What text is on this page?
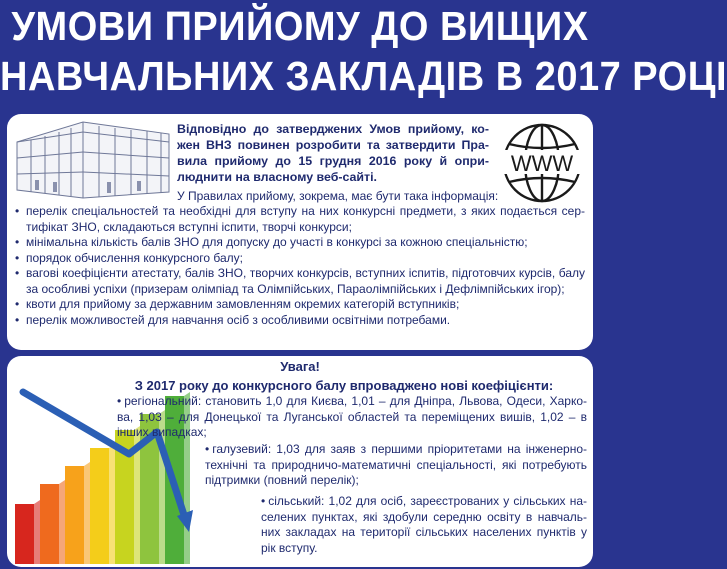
УМОВИ ПРИЙОМУ ДО ВИЩИХ
НАВЧАЛЬНИХ ЗАКЛАДІВ В 2017 РОЦІ
Відповідно до затверджених Умов прийому, ко-жен ВНЗ повинен розробити та затвердити Пра-вила прийому до 15 грудня 2016 року й опри-люднити на власному веб-сайті.
WWW
У Правилах прийому, зокрема, має бути така інформація:
• перелік спеціальностей та необхідні для вступу на них конкурсні предмети, з яких подається сер-тифікат ЗНО, складаються вступні іспити, творчі конкурси;
• мінімальна кількість балів ЗНО для допуску до участі в конкурсі за кожною спеціальністю;
• порядок обчислення конкурсного балу;
• вагові коефіцієнти атестату, балів ЗНО, творчих конкурсів, вступних іспитів, підготовчих курсів, балу за особливі успіхи (призерам олімпіад та Олімпійських, Параолімпійських і Дефлімпійських ігор);
• квоти для прийому за державним замовленням окремих категорій вступників;
• перелік можливостей для навчання осіб з особливими освітніми потребами.
Увага!
З 2017 року до конкурсного балу впроваджено нові коефіцієнти:
• регіональний: становить 1,0 для Києва, 1,01 – для Дніпра, Львова, Одеси, Харко-ва, 1,03 – для Донецької та Луганської областей та переміщених вишів, 1,02 – в інших випадках;
• галузевий: 1,03 для заяв з першими пріоритетами на інженерно-технічні та природничо-математичні спеціальності, які потребують підтримки (повний перелік);
• сільський: 1,02 для осіб, зареєстрованих у сільських на-селених пунктах, які здобули середню освіту в навчаль-них закладах на території сільських населених пунктів у рік вступу.
